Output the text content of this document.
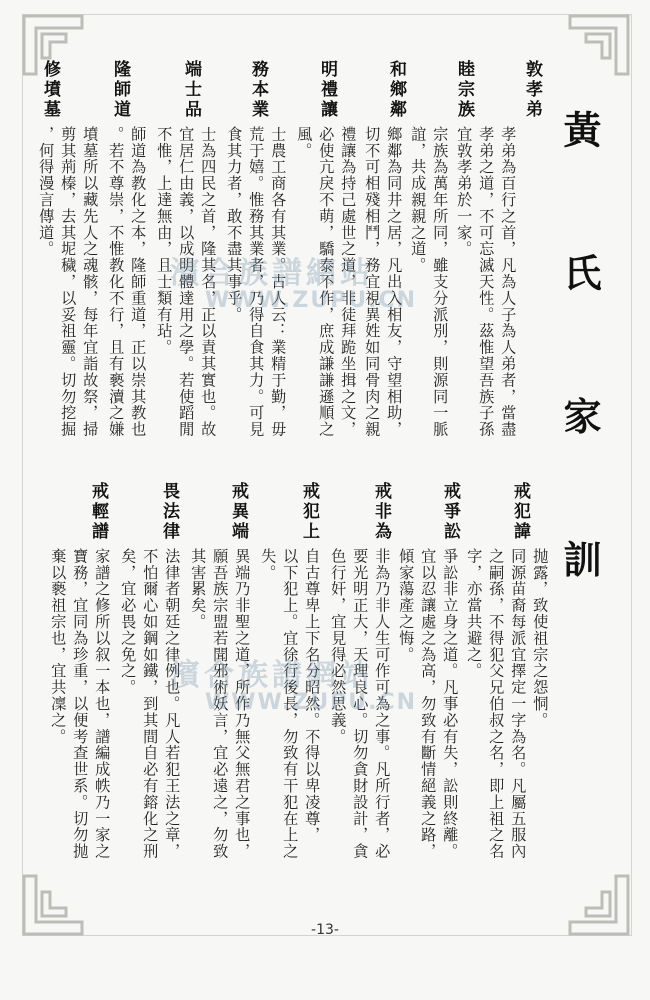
黃 氏 家 訓
敦孝弟
睦宗族
和鄉鄰
明禮讓
務本業
端士品
隆師道
修墳墓
孝弟為百行之首，凡為人子為人弟者，當盡
孝弟之道，不可忘滅天性。茲惟望吾族子孫
宜敦孝弟於一家。
宗族為萬年所同，雖支分派別，則源同一脈
誼，共成親親之道。
鄉鄰為同井之居，凡出入相友，守望相助，
切不可相殘相鬥，務宜視異姓如同骨肉之親
禮讓為持己處世之道，非徒拜跪坐揖之文，
必使亢戾不萌，驕泰不作，庶成謙謙遜順之
風。
士農工商各有其業。古人云：業精于勤，毋
荒于嬉。惟務其業者，乃得自食其力。可見
食其力者，敢不盡其事乎。
士為四民之首，隆其名，正以責其實也。故
宜居仁由義，以成明體達用之學。若使蹈閒
不惟，上達無由，且士類有玷。
師道為教化之本，隆師重道，正以崇其教也
。若不尊崇，不惟教化不行，且有褻瀆之嫌
墳墓所以藏先人之魂骸，每年宜詣故祭，掃
剪其荊榛，去其坭穢，以妥祖靈。切勿挖掘
，何得漫言傳道。
戒犯諱
戒爭訟
戒非為
戒犯上
戒異端
畏法律
戒輕譜
抛露，致使祖宗之怨恫。
同源苗裔每派宜擇定一字為名。凡屬五服內
之嗣孫，不得犯父兄伯叔之名，即上祖之名
字，亦當共避之。
爭訟非立身之道。凡事必有失，訟則終離。
宜以忍讓處之為高，勿致有斷情絕義之路，
傾家蕩產之悔。
非為乃非人生可作可為之事。凡所行者，必
要光明正大，天理良心。切勿貪財設計，貪
色行奸，宜見得必然思義。
自古尊卑上下名分昭然。不得以卑凌尊，
以下犯上。宜徐行後長，勿致有干犯在上之
失。
異端乃非聖之道，所作乃無父無君之事也，
願吾族宗盟若聞邪術妖言，宜必遠之，勿致
其害累矣。
法律者朝廷之律例也。凡人若犯王法之章，
不怕爾心如鋼如鐵，到其間自必有鎔化之刑
矣，宜必畏之免之。
家譜之修所以叙一本也，譜編成帙乃一家之
寶務，宜同為珍重，以便考查世系。切勿抛
棄以褻祖宗也，宜共凜之。
濱合族譜網站
WWW.ZUPU.CN
濱合族譜網站
WWW.ZUPU.CN
-13-
